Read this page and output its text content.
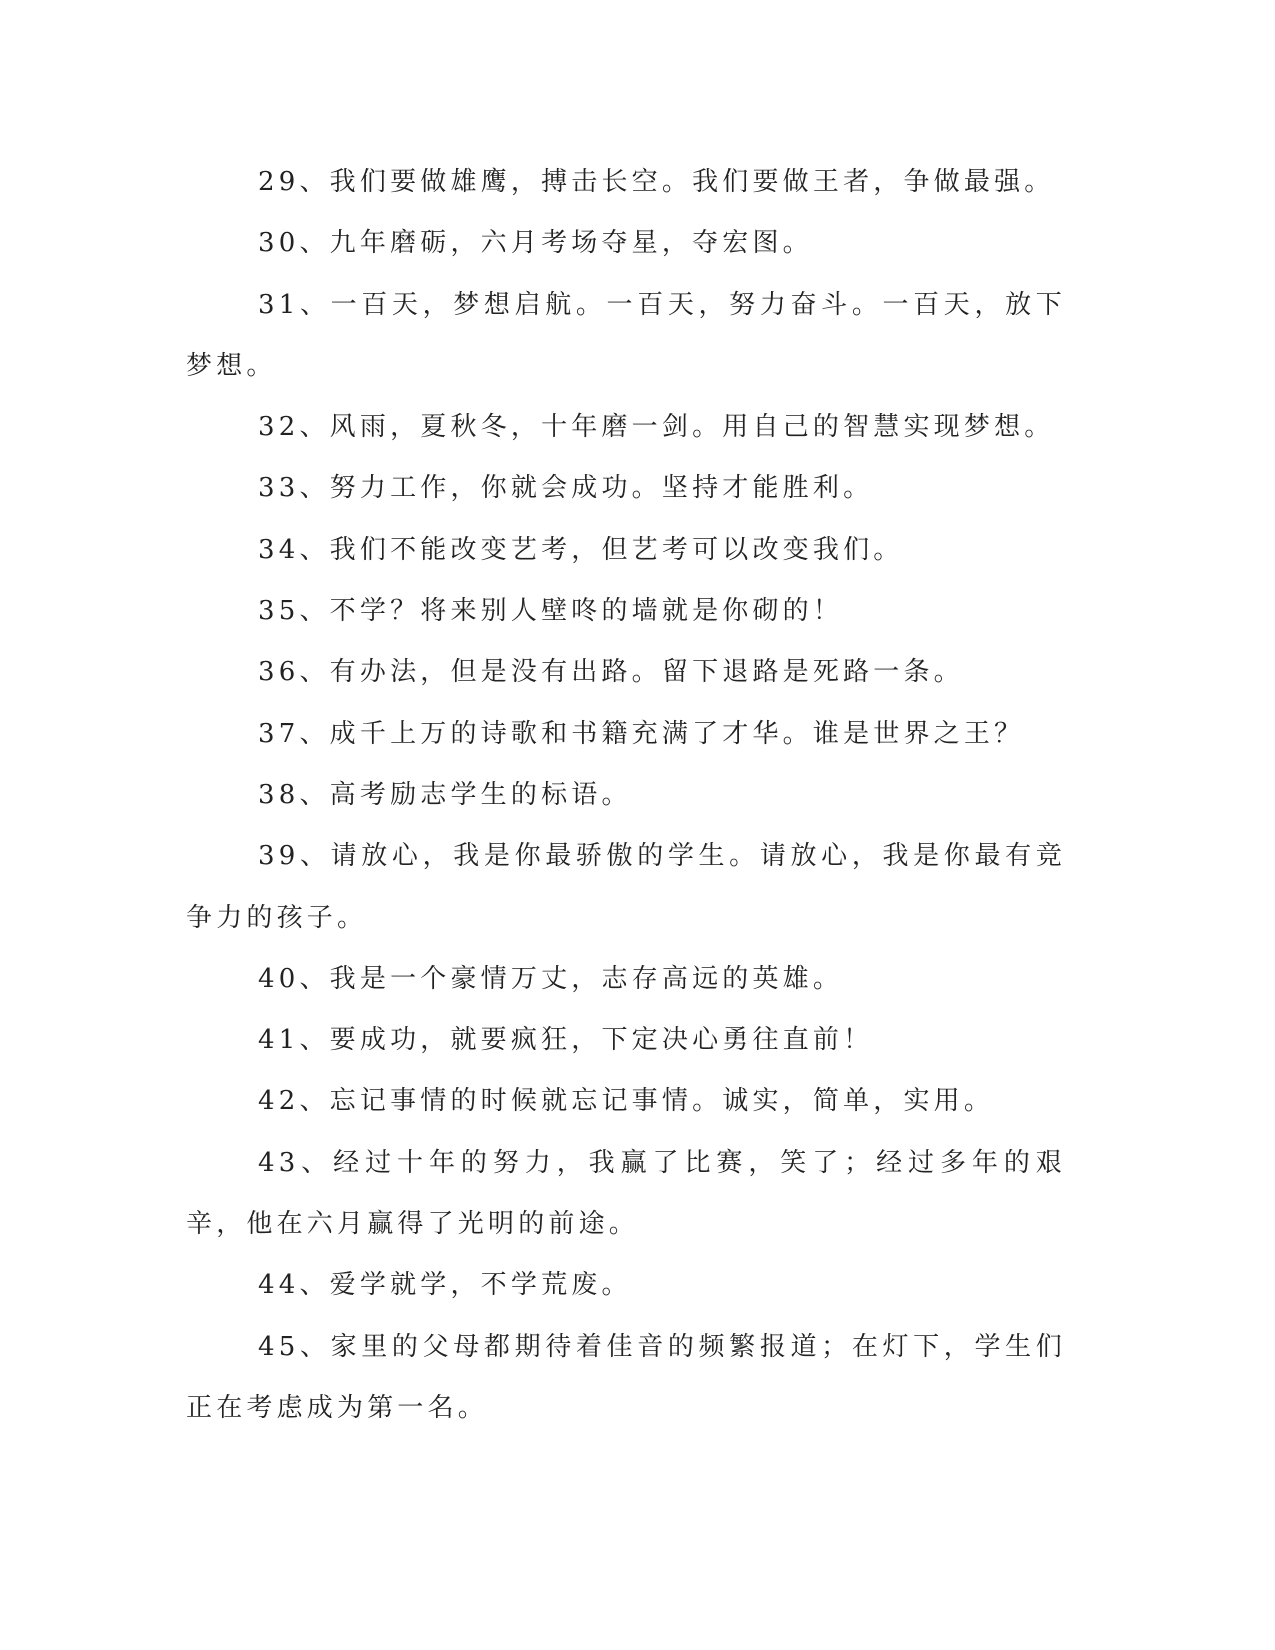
29、我们要做雄鹰，搏击长空。我们要做王者，争做最强。

30、九年磨砺，六月考场夺星，夺宏图。

31、一百天，梦想启航。一百天，努力奋斗。一百天，放下梦想。

32、风雨，夏秋冬，十年磨一剑。用自己的智慧实现梦想。

33、努力工作，你就会成功。坚持才能胜利。

34、我们不能改变艺考，但艺考可以改变我们。

35、不学？将来别人壁咚的墙就是你砌的！

36、有办法，但是没有出路。留下退路是死路一条。

37、成千上万的诗歌和书籍充满了才华。谁是世界之王？

38、高考励志学生的标语。

39、请放心，我是你最骄傲的学生。请放心，我是你最有竞争力的孩子。

40、我是一个豪情万丈，志存高远的英雄。

41、要成功，就要疯狂，下定决心勇往直前！

42、忘记事情的时候就忘记事情。诚实，简单，实用。

43、经过十年的努力，我赢了比赛，笑了；经过多年的艰辛，他在六月赢得了光明的前途。

44、爱学就学，不学荒废。

45、家里的父母都期待着佳音的频繁报道；在灯下，学生们正在考虑成为第一名。
